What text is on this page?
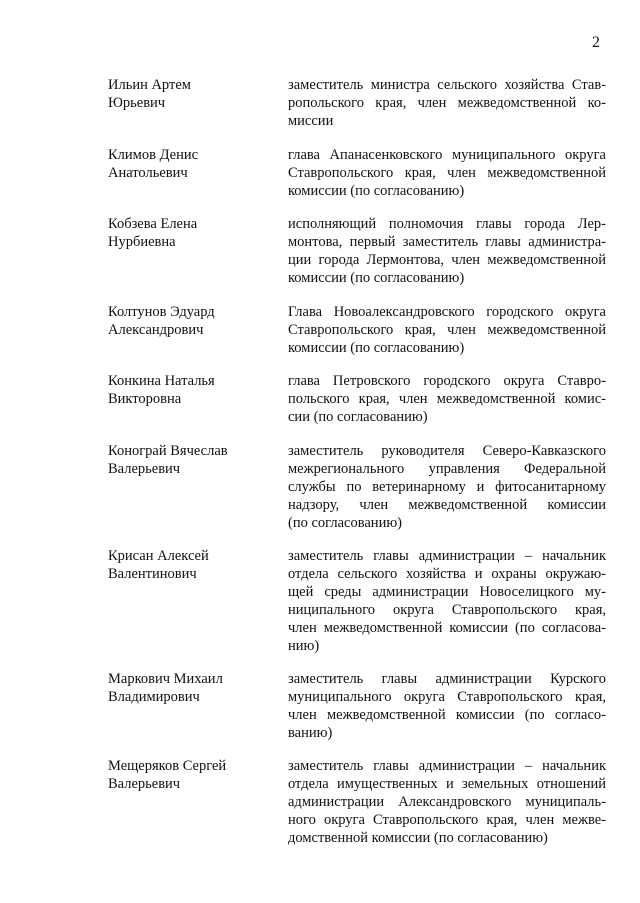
2
Ильин Артем
Юрьевич
заместитель министра сельского хозяйства Став-
ропольского края, член межведомственной ко-
миссии
Климов Денис
Анатольевич
глава Апанасенковского муниципального округа
Ставропольского края, член межведомственной
комиссии (по согласованию)
Кобзева Елена
Нурбиевна
исполняющий полномочия главы города Лер-
монтова, первый заместитель главы администра-
ции города Лермонтова, член межведомственной
комиссии (по согласованию)
Колтунов Эдуард
Александрович
Глава Новоалександровского городского округа
Ставропольского края, член межведомственной
комиссии (по согласованию)
Конкина Наталья
Викторовна
глава Петровского городского округа Ставро-
польского края, член межведомственной комис-
сии (по согласованию)
Конограй Вячеслав
Валерьевич
заместитель руководителя Северо-Кавказского
межрегионального управления Федеральной
службы по ветеринарному и фитосанитарному
надзору, член межведомственной комиссии
(по согласованию)
Крисан Алексей
Валентинович
заместитель главы администрации – начальник
отдела сельского хозяйства и охраны окружаю-
щей среды администрации Новоселицкого му-
ниципального округа Ставропольского края,
член межведомственной комиссии (по согласова-
нию)
Маркович Михаил
Владимирович
заместитель главы администрации Курского
муниципального округа Ставропольского края,
член межведомственной комиссии (по согласо-
ванию)
Мещеряков Сергей
Валерьевич
заместитель главы администрации – начальник
отдела имущественных и земельных отношений
администрации Александровского муниципаль-
ного округа Ставропольского края, член межве-
домственной комиссии (по согласованию)
